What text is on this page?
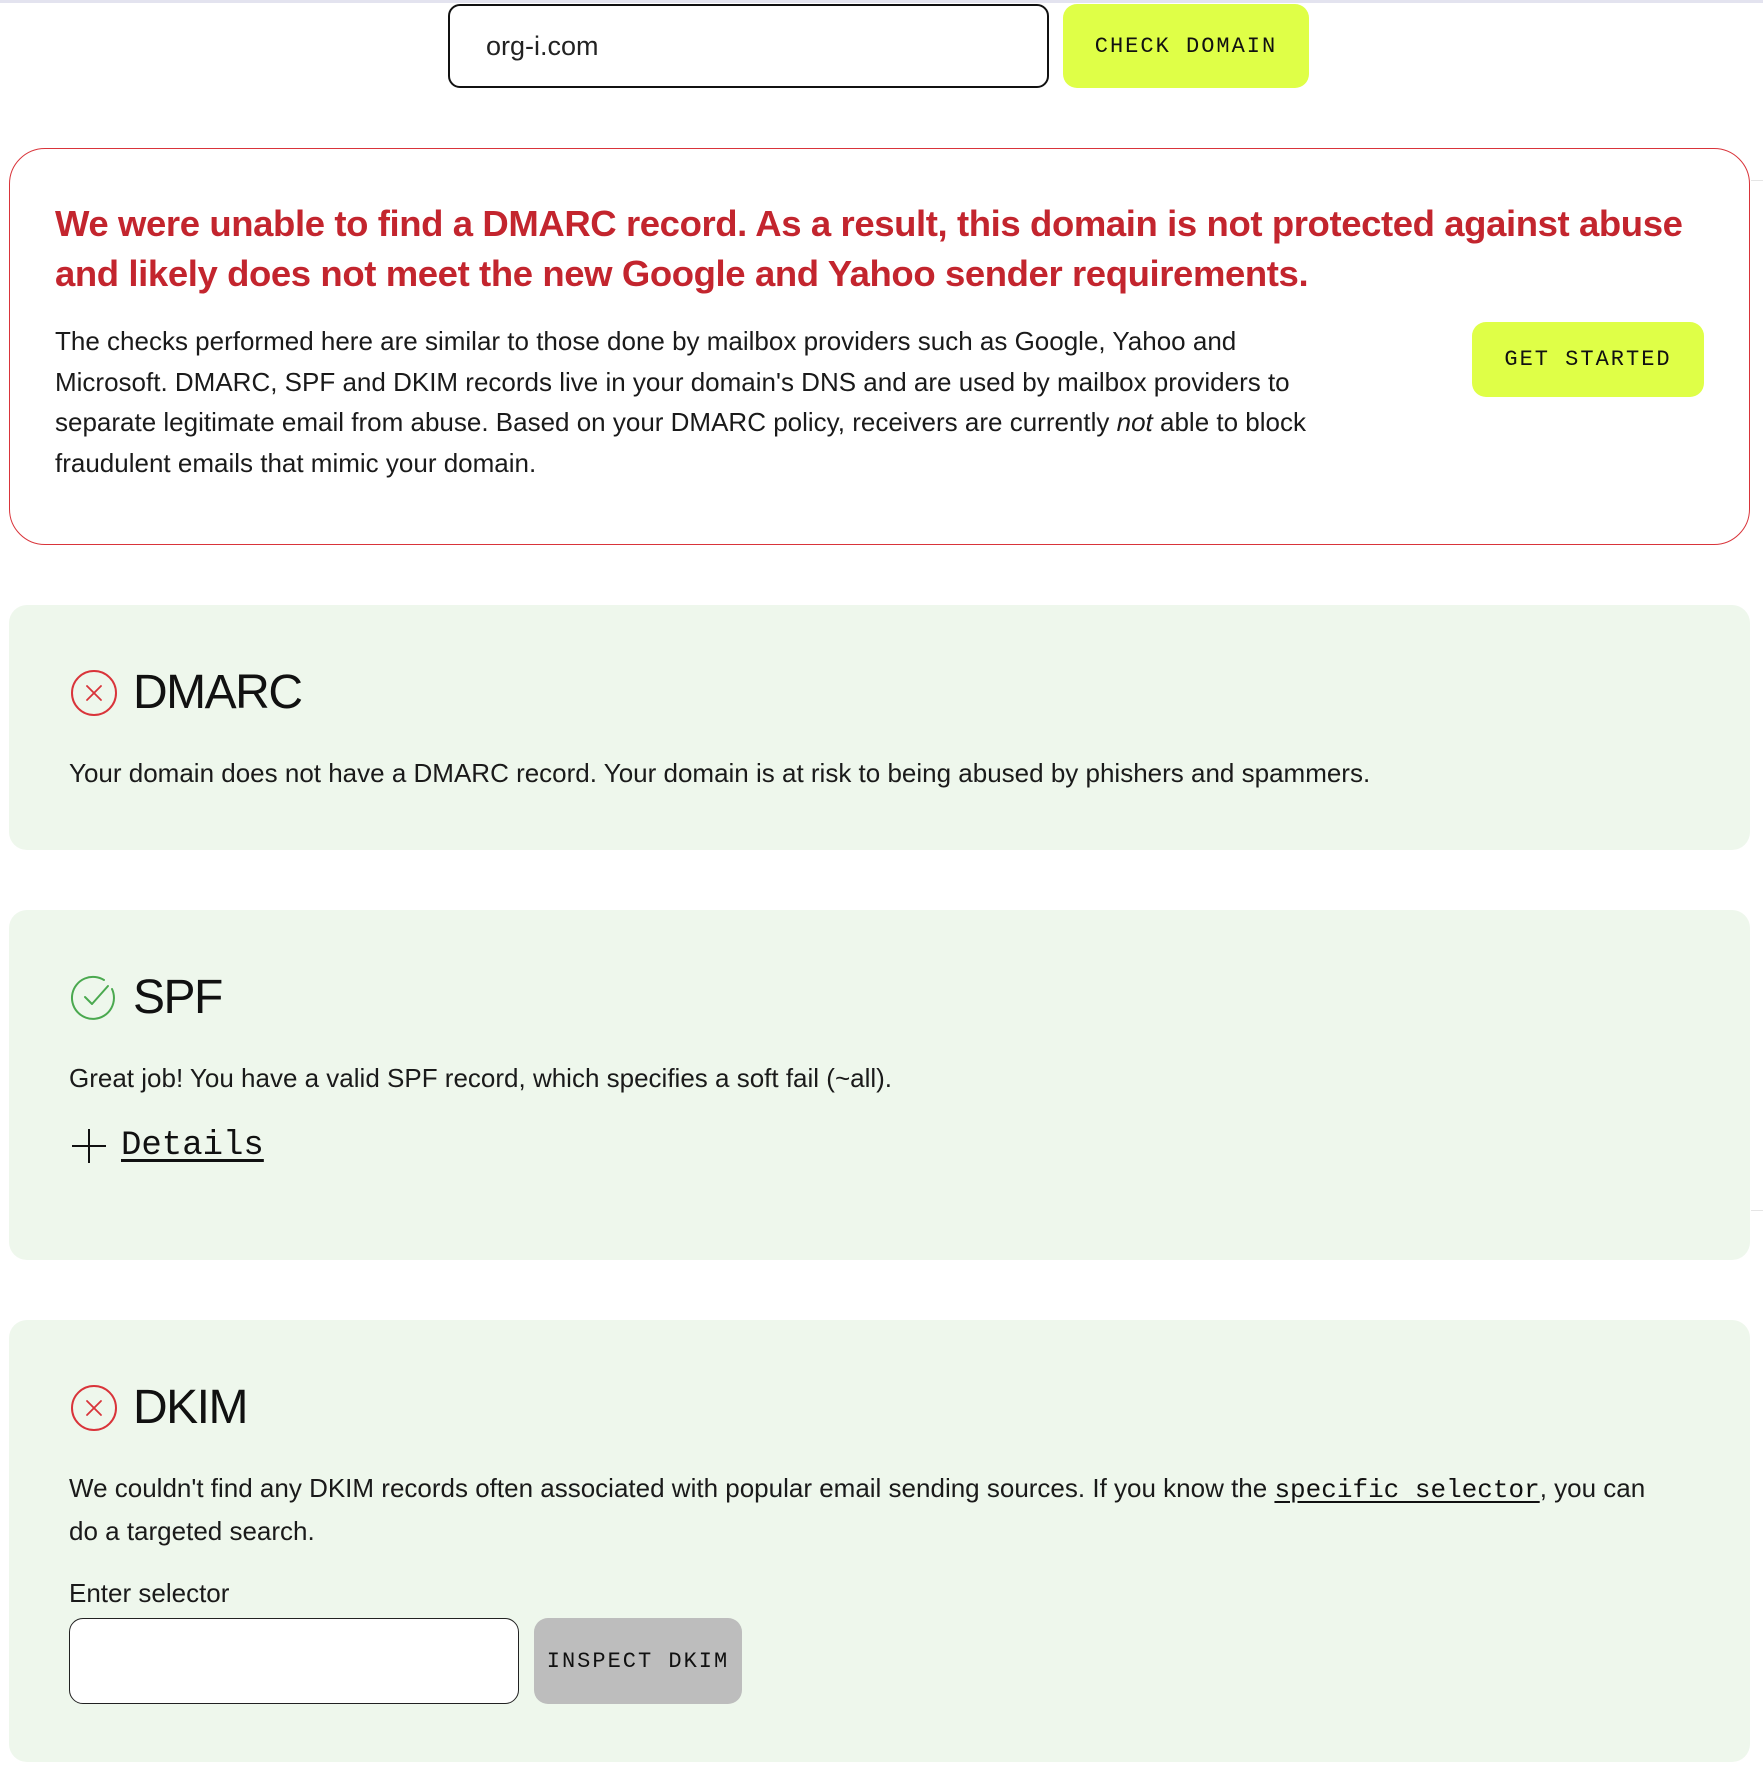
org-i.com
CHECK DOMAIN
We were unable to find a DMARC record. As a result, this domain is not protected against abuse and likely does not meet the new Google and Yahoo sender requirements.

The checks performed here are similar to those done by mailbox providers such as Google, Yahoo and Microsoft. DMARC, SPF and DKIM records live in your domain's DNS and are used by mailbox providers to separate legitimate email from abuse. Based on your DMARC policy, receivers are currently not able to block fraudulent emails that mimic your domain.

GET STARTED
DMARC

Your domain does not have a DMARC record. Your domain is at risk to being abused by phishers and spammers.

SPF

Great job! You have a valid SPF record, which specifies a soft fail (~all).

Details
DKIM

We couldn't find any DKIM records often associated with popular email sending sources. If you know the specific selector, you can do a targeted search.

Enter selector
INSPECT DKIM
